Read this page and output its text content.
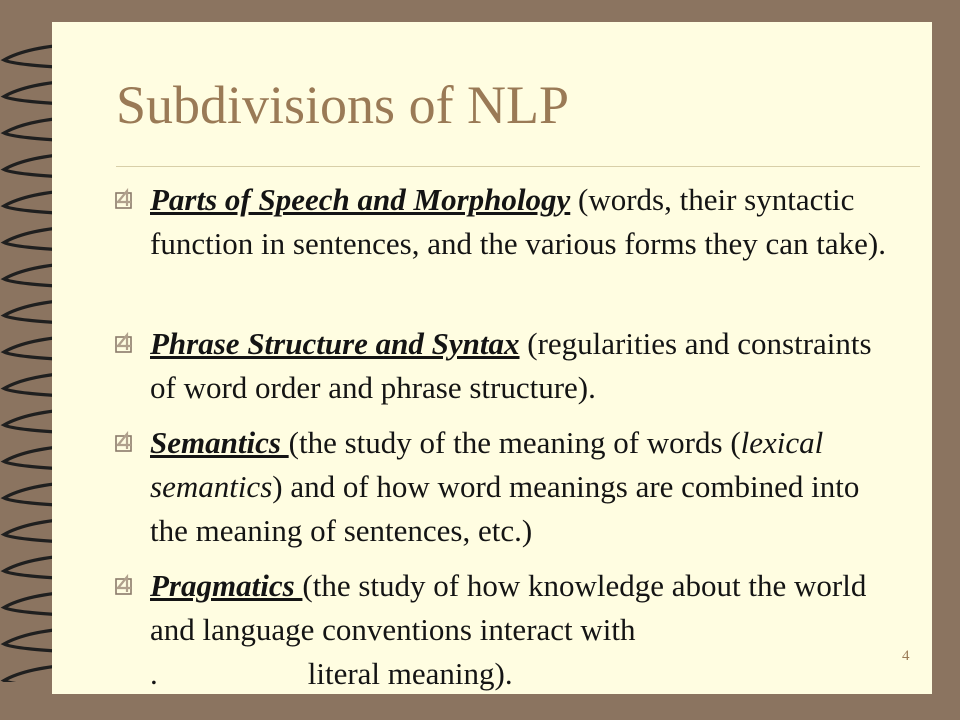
Subdivisions of NLP
Parts of Speech and Morphology (words, their syntactic function in sentences, and the various forms they can take).
Phrase Structure and Syntax (regularities and constraints of word order and phrase structure).
Semantics (the study of the meaning of words (lexical semantics) and of how word meanings are combined into the meaning of sentences, etc.)
Pragmatics (the study of how knowledge about the world and language conventions interact with
.	literal meaning).	4
